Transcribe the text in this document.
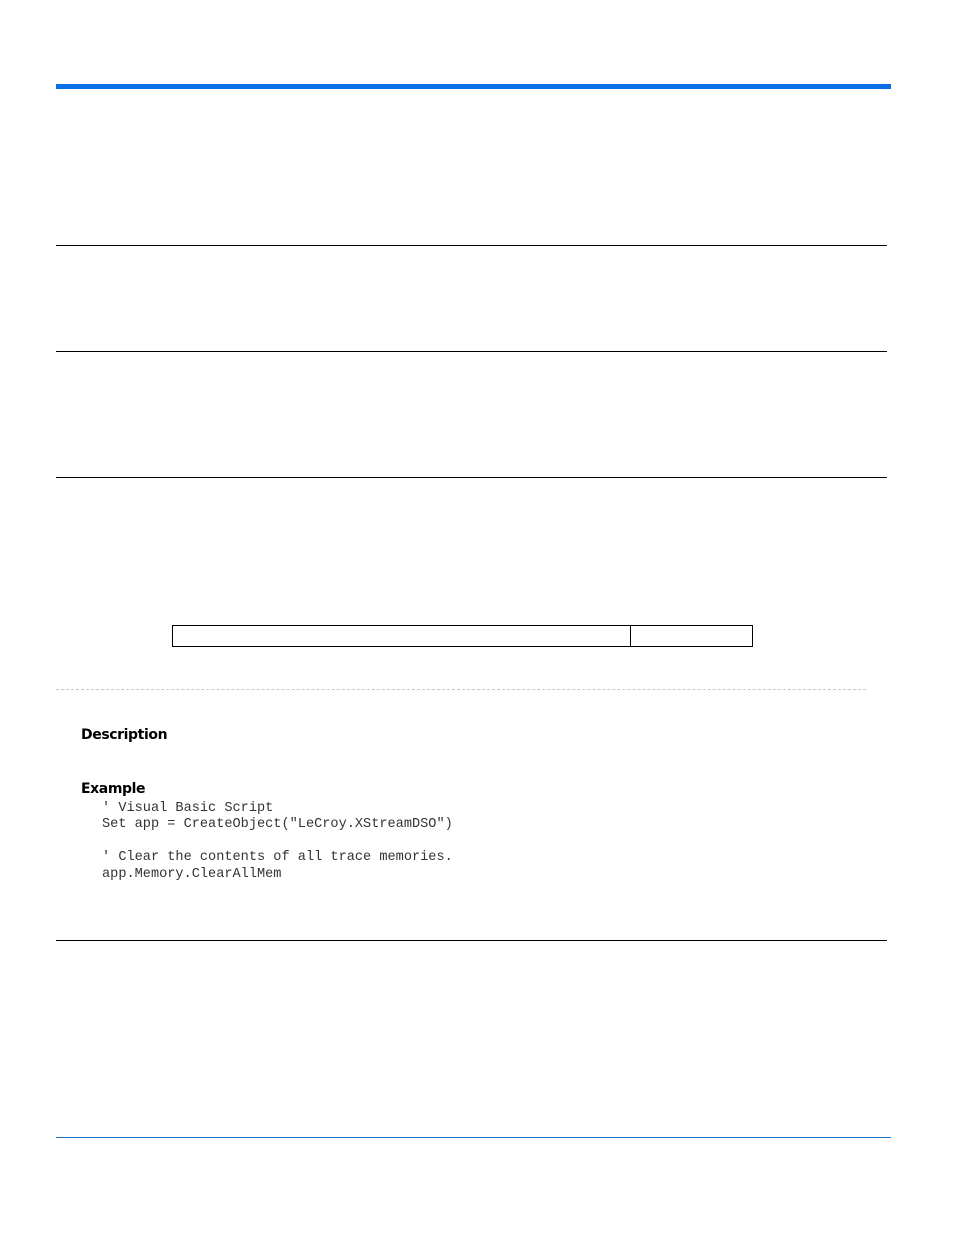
Description
Example
' Visual Basic Script
Set app = CreateObject("LeCroy.XStreamDSO")
' Clear the contents of all trace memories.
app.Memory.ClearAllMem
